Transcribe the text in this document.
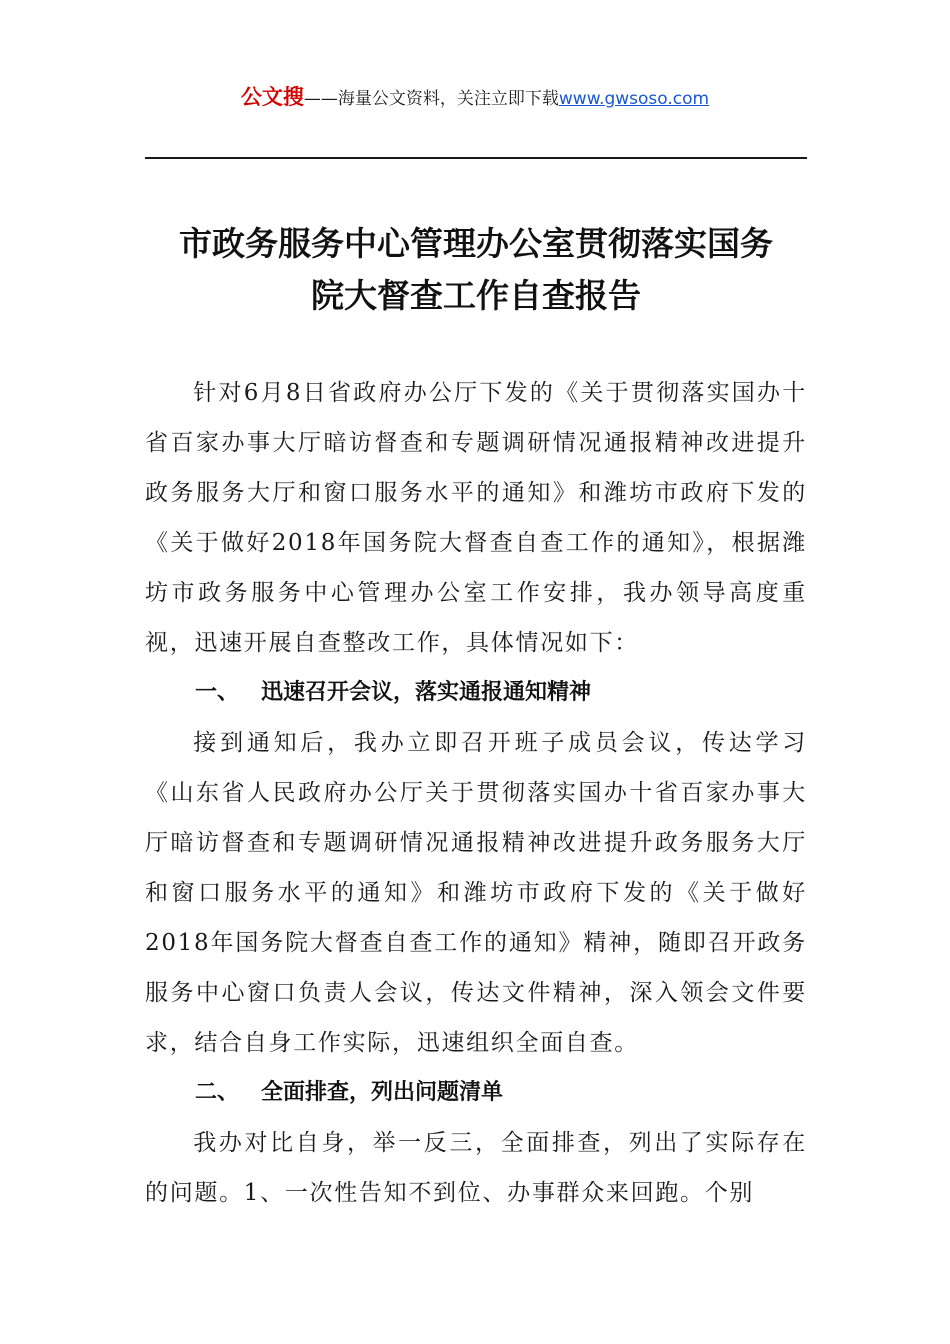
公文搜——海量公文资料，关注立即下载www.gwsoso.com
市政务服务中心管理办公室贯彻落实国务
院大督查工作自查报告

针对6月8日省政府办公厅下发的《关于贯彻落实国办十省百家办事大厅暗访督查和专题调研情况通报精神改进提升政务服务大厅和窗口服务水平的通知》和潍坊市政府下发的《关于做好2018年国务院大督查自查工作的通知》，根据潍坊市政务服务中心管理办公室工作安排，我办领导高度重视，迅速开展自查整改工作，具体情况如下：

一、 迅速召开会议，落实通报通知精神

接到通知后，我办立即召开班子成员会议，传达学习《山东省人民政府办公厅关于贯彻落实国办十省百家办事大厅暗访督查和专题调研情况通报精神改进提升政务服务大厅和窗口服务水平的通知》和潍坊市政府下发的《关于做好2018年国务院大督查自查工作的通知》精神，随即召开政务服务中心窗口负责人会议，传达文件精神，深入领会文件要求，结合自身工作实际，迅速组织全面自查。

二、 全面排查，列出问题清单

我办对比自身，举一反三，全面排查，列出了实际存在的问题。1、一次性告知不到位、办事群众来回跑。个别
